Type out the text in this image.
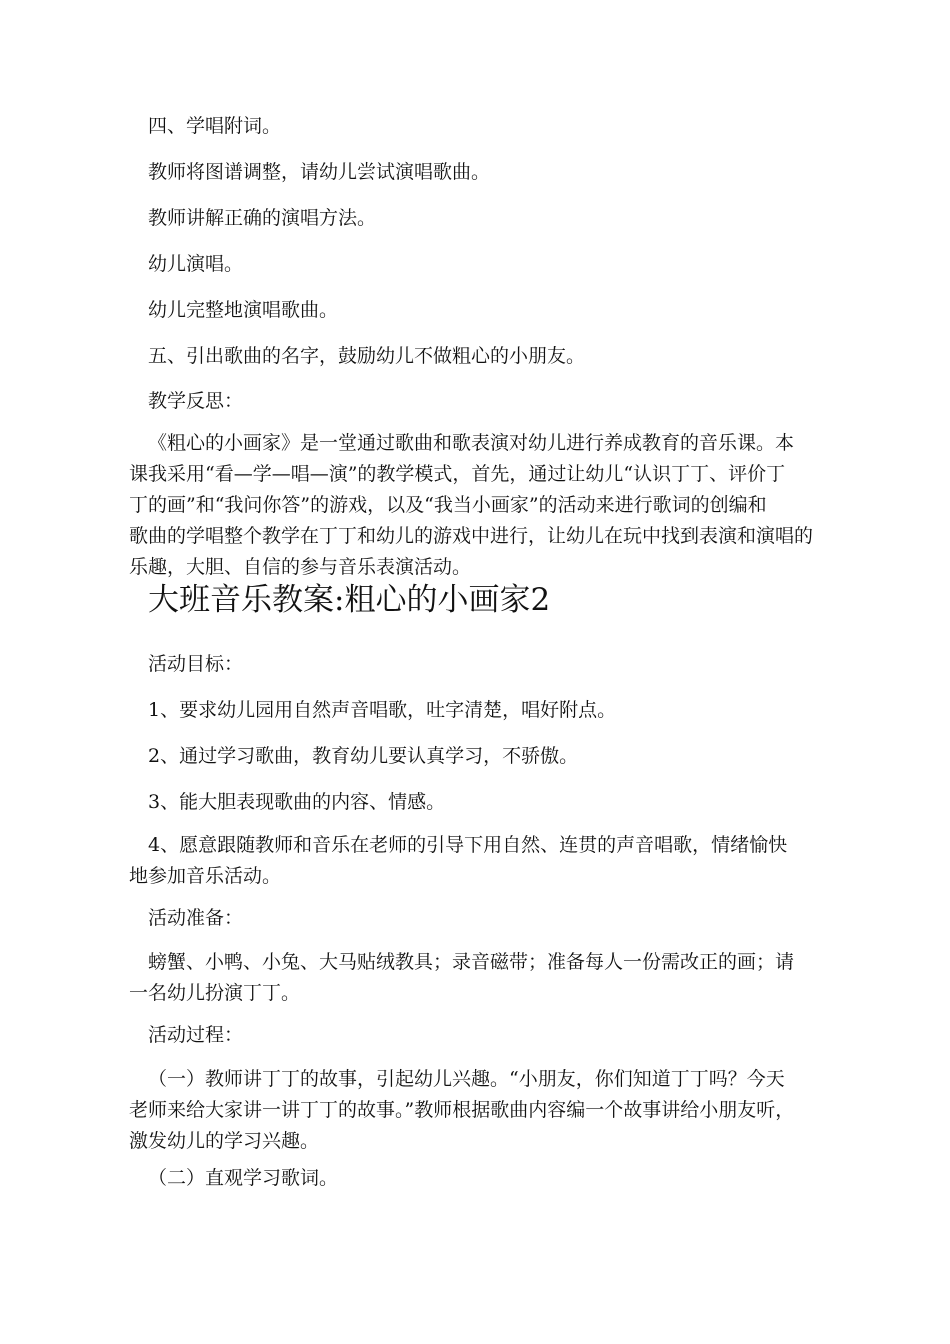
四、学唱附词。

教师将图谱调整，请幼儿尝试演唱歌曲。

教师讲解正确的演唱方法。

幼儿演唱。

幼儿完整地演唱歌曲。

五、引出歌曲的名字，鼓励幼儿不做粗心的小朋友。

教学反思：

《粗心的小画家》是一堂通过歌曲和歌表演对幼儿进行养成教育的音乐课。本
课我采用“看—学—唱—演”的教学模式，首先，通过让幼儿“认识丁丁、评价丁
丁的画”和“我问你答”的游戏，以及“我当小画家”的活动来进行歌词的创编和
歌曲的学唱整个教学在丁丁和幼儿的游戏中进行，让幼儿在玩中找到表演和演唱的
乐趣，大胆、自信的参与音乐表演活动。
大班音乐教案:粗心的小画家2

活动目标：

1、要求幼儿园用自然声音唱歌，吐字清楚，唱好附点。

2、通过学习歌曲，教育幼儿要认真学习，不骄傲。

3、能大胆表现歌曲的内容、情感。

4、愿意跟随教师和音乐在老师的引导下用自然、连贯的声音唱歌，情绪愉快
地参加音乐活动。

活动准备：

螃蟹、小鸭、小兔、大马贴绒教具；录音磁带；准备每人一份需改正的画；请
一名幼儿扮演丁丁。

活动过程：

（一）教师讲丁丁的故事，引起幼儿兴趣。“小朋友，你们知道丁丁吗？今天
老师来给大家讲一讲丁丁的故事。”教师根据歌曲内容编一个故事讲给小朋友听，
激发幼儿的学习兴趣。

（二）直观学习歌词。
